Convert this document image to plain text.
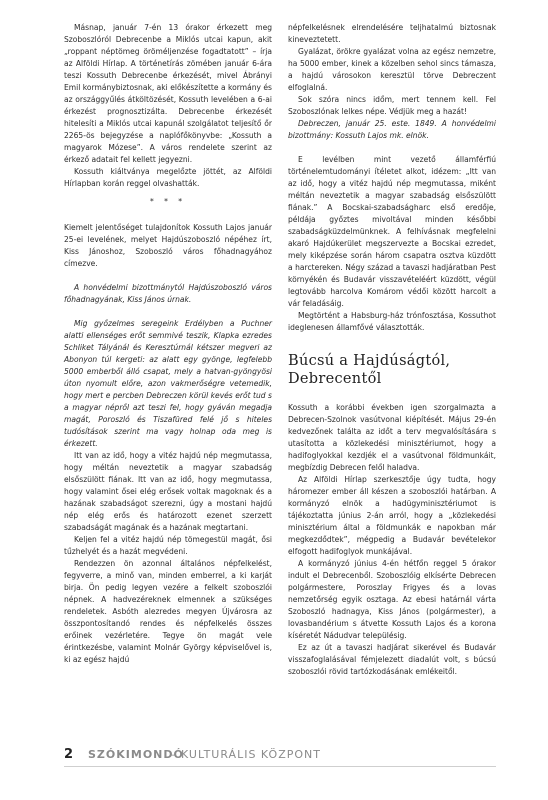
Másnap, január 7-én 13 órakor érkezett meg Szoboszlóról Debrecenbe a Miklós utcai kapun, akit „roppant néptömeg öröméljenzése fogadtatott” – írja az Alföldi Hírlap. A történetírás zömében január 6-ára teszi Kossuth Debrecenbe érkezését, mivel Ábrányi Emil kormánybiztosnak, aki előkészítette a kormány és az országgyűlés átköltözését, Kossuth levelében a 6-ai érkezést prognosztizálta. Debrecenbe érkezését hitelesíti a Miklós utcai kapunál szolgálatot teljesítő őr 2265-ös bejegyzése a naplófőkönyvbe: „Kossuth a magyarok Mózese”. A város rendelete szerint az érkező adatait fel kellett jegyezni.

Kossuth kiáltványa megelőzte jöttét, az Alföldi Hírlapban korán reggel olvashatták.

* * *

Kiemelt jelentőséget tulajdonítok Kossuth Lajos január 25-ei levelének, melyet Hajdúszoboszló népéhez írt, Kiss Jánoshoz, Szoboszló város főhadnagyához címezve.

A honvédelmi bizottmánytól Hajdúszoboszló város főhadnagyának, Kiss János úrnak.

Mig győzelmes seregeink Erdélyben a Puchner alatti ellenséges erőt semmivé teszik, Klapka ezredes Schliket Tályánál és Keresztúrnál kétszer megveri az Abonyon túl kergeti: az alatt egy gyönge, legfelebb 5000 emberből álló csapat, mely a hatvan-gyöngyösi úton nyomult előre, azon vakmerőségre vetemedik, hogy mert e percben Debreczen körül kevés erőt tud s a magyar népről azt teszi fel, hogy gyáván megadja magát, Poroszló és Tiszafüred felé jő s hiteles tudósítások szerint ma vagy holnap oda meg is érkezett.

Itt van az idő, hogy a vitéz hajdú nép megmutassa, hogy méltán neveztetik a magyar szabadság elsőszülött fiának. Itt van az idő, hogy megmutassa, hogy valamint ősei elég erősek voltak magoknak és a hazának szabadságot szerezni, úgy a mostani hajdú nép elég erős és határozott ezenet szerzett szabadságát magának és a hazának megtartani.

Keljen fel a vitéz hajdú nép tömegestül magát, ősi tűzhelyét és a hazát megvédeni.

Rendezzen ön azonnal általános népfelkelést, fegyverre, a minő van, minden emberrel, a ki karját birja. Ön pedig legyen vezére a felkelt szoboszlói népnek. A hadvezéreknek elmennek a szükséges rendeletek. Asbóth alezredes megyen Újvárosra az összpontosítandó rendes és népfelkelés összes erőinek vezérletére. Tegye ön magát vele érintkezésbe, valamint Molnár György képviselővel is, ki az egész hajdú

népfelkelésnek elrendelésére teljhatalmú biztosnak kineveztetett.

Gyalázat, örökre gyalázat volna az egész nemzetre, ha 5000 ember, kinek a közelben sehol sincs támasza, a hajdú városokon keresztül törve Debreczent elfoglalná.

Sok szóra nincs időm, mert tennem kell. Fel Szoboszlónak lelkes népe. Védjük meg a hazát!

Debreczen, január 25. este. 1849. A honvédelmi bizottmány: Kossuth Lajos mk. elnök.

E levélben mint vezető államférfiú történelemtudományi ítéletet alkot, idézem: „Itt van az idő, hogy a vitéz hajdú nép megmutassa, miként méltán neveztetik a magyar szabadság elsőszülött fiának.” A Bocskai-szabadságharc első eredője, példája győztes mivoltával minden későbbi szabadságküzdelmünknek. A felhívásnak megfelelni akaró Hajdúkerület megszervezte a Bocskai ezredet, mely kiképzése során három csapatra osztva küzdött a harctereken. Négy század a tavaszi hadjáratban Pest környékén és Budavár visszavételéért küzdött, végül legtovább harcolva Komárom védői között harcolt a vár feladásáig.

Megtörtént a Habsburg-ház trónfosztása, Kossuthot ideglenesen államfővé választották.

Búcsú a Hajdúságtól, Debrecentől

Kossuth a korábbi években igen szorgalmazta a Debrecen-Szolnok vasútvonal kiépítését. Május 29-én kedvezőnek találta az időt a terv megvalósítására s utasította a közlekedési minisztériumot, hogy a hadifoglyokkal kezdjék el a vasútvonal földmunkáit, megbízdig Debrecen felől haladva.

Az Alföldi Hírlap szerkesztője úgy tudta, hogy háromezer ember áll készen a szoboszlói határban. A kormányzó elnök a hadügyminisztériumot is tájékoztatta június 2-án arról, hogy a „közlekedési minisztérium által a földmunkák e napokban már megkezdődtek”, mégpedig a Budavár bevételekor elfogott hadifoglyok munkájával.

A kormányzó június 4-én hétfőn reggel 5 órakor indult el Debrecenből. Szoboszlóig elkísérte Debrecen polgármestere, Poroszlay Frigyes és a lovas nemzetőrség egyik osztaga. Az ebesi határnál várta Szoboszló hadnagya, Kiss János (polgármester), a lovasbandérium s átvette Kossuth Lajos és a korona kíséretét Nádudvar településig.

Ez az út a tavaszi hadjárat sikerével és Budavár visszafoglalásával fémjelezett diadalút volt, s búcsú szoboszlói rövid tartózkodásának emlékeitől.

2 SZÓKIMONDÓ
– KULTURÁLIS KÖZPONT
